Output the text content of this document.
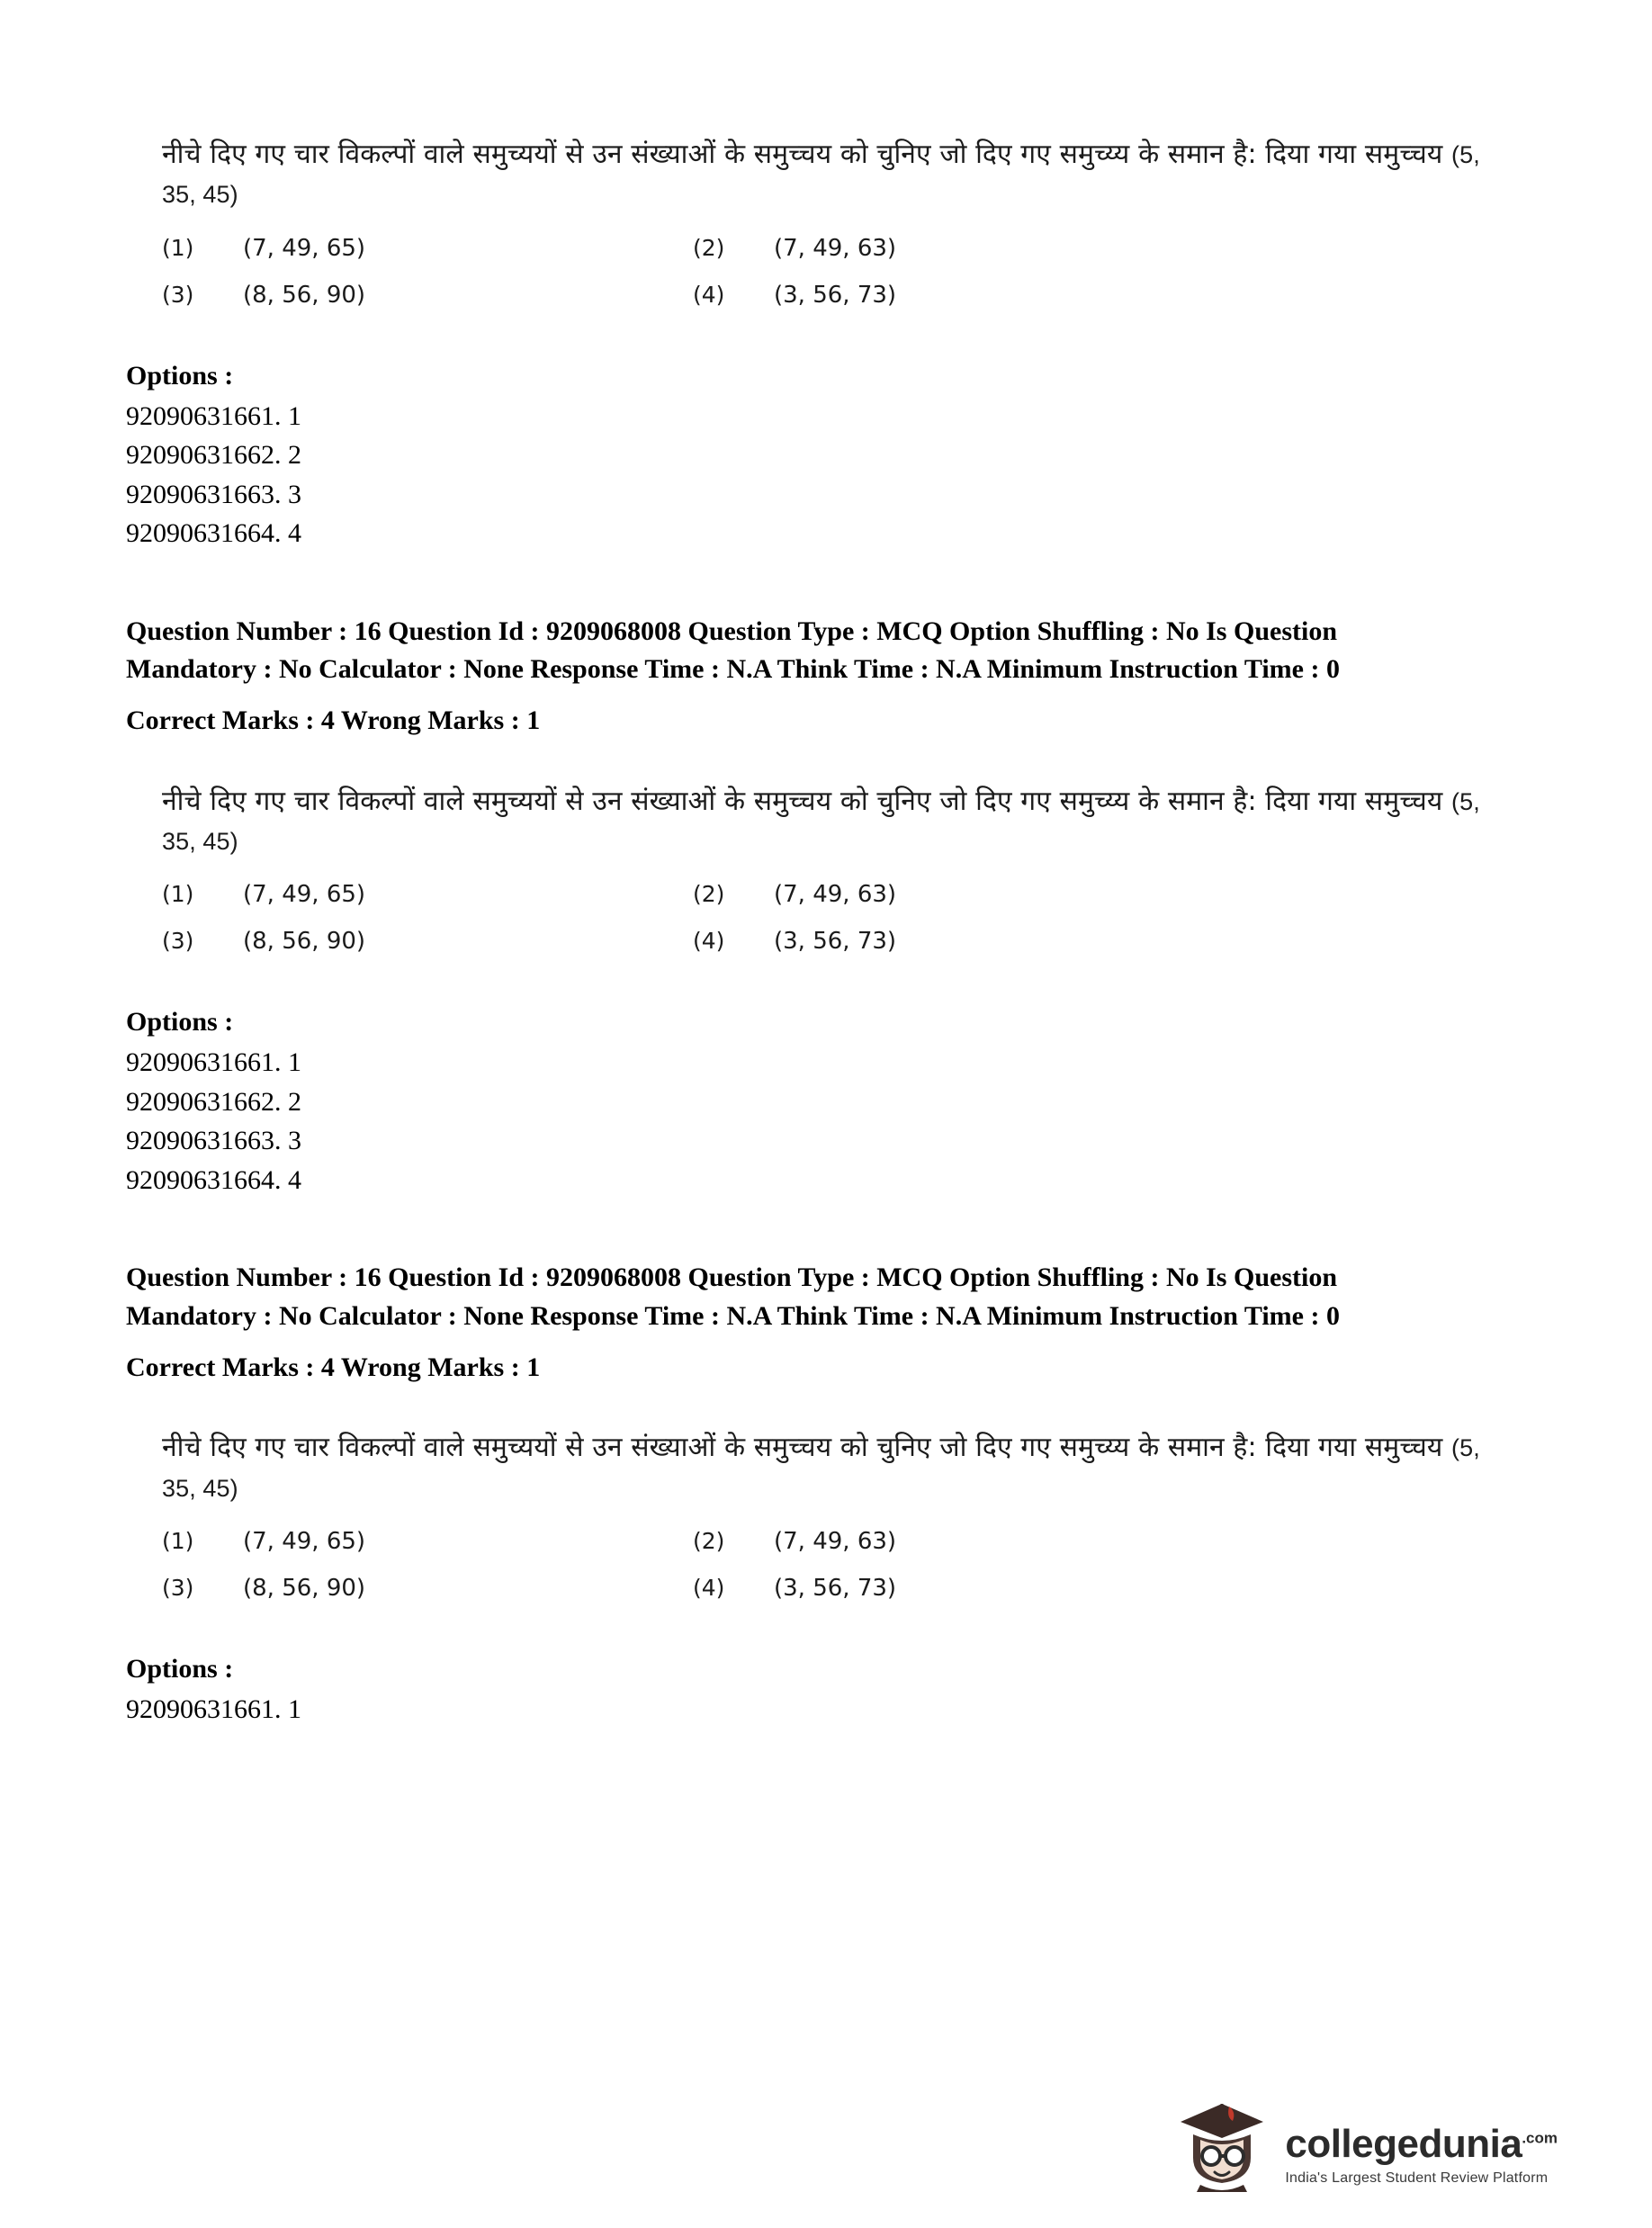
नीचे दिए गए चार विकल्पों वाले समुच्ययों से उन संख्याओं के समुच्चय को चुनिए जो दिए गए समुच्य्य के समान है: दिया गया समुच्चय (5, 35, 45)

(1)	(7, 49, 65)	(2)	(7, 49, 63)
(3)	(8, 56, 90)	(4)	(3, 56, 73)
Options :

92090631661. 1

92090631662. 2

92090631663. 3

92090631664. 4

Question Number : 16 Question Id : 9209068008 Question Type : MCQ Option Shuffling : No Is Question Mandatory : No Calculator : None Response Time : N.A Think Time : N.A Minimum Instruction Time : 0

Correct Marks : 4 Wrong Marks : 1

नीचे दिए गए चार विकल्पों वाले समुच्ययों से उन संख्याओं के समुच्चय को चुनिए जो दिए गए समुच्य्य के समान है: दिया गया समुच्चय (5, 35, 45)

(1)	(7, 49, 65)	(2)	(7, 49, 63)
(3)	(8, 56, 90)	(4)	(3, 56, 73)
Options :

92090631661. 1

92090631662. 2

92090631663. 3

92090631664. 4

Question Number : 16 Question Id : 9209068008 Question Type : MCQ Option Shuffling : No Is Question Mandatory : No Calculator : None Response Time : N.A Think Time : N.A Minimum Instruction Time : 0

Correct Marks : 4 Wrong Marks : 1

नीचे दिए गए चार विकल्पों वाले समुच्ययों से उन संख्याओं के समुच्चय को चुनिए जो दिए गए समुच्य्य के समान है: दिया गया समुच्चय (5, 35, 45)

(1)	(7, 49, 65)	(2)	(7, 49, 63)
(3)	(8, 56, 90)	(4)	(3, 56, 73)
Options :

92090631661. 1

collegedunia$^{.com}$
India's Largest Student Review Platform
